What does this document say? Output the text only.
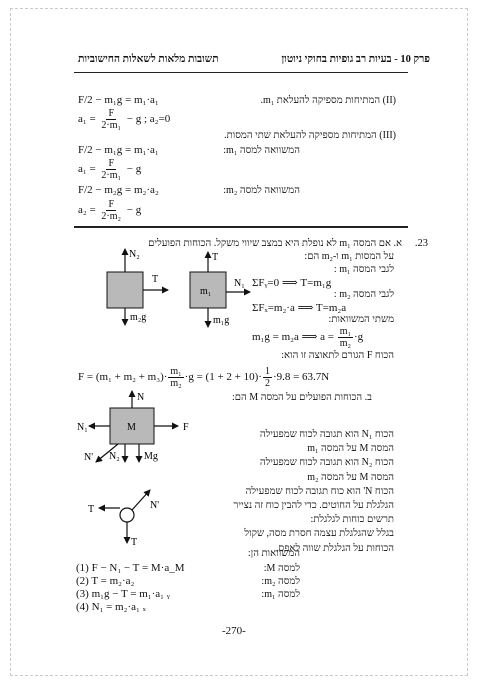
פרק 10 - בעיות רב גופיות בחוקי ניוטון
תשובות מלאות לשאלות החישוביות
(II) המתיחות מספיקה להעלאת m₁.
F/2 − m₁g = m₁·a₁
$a_1 = \frac{F}{\text{2·m₁}} - g$ ; a₂=0
(III) המתיחות מספיקה להעלאת שתי המסות.
המשוואה למסה m₁:
F/2 − m₁g = m₁·a₁
$a_1 = \frac{F}{\text{2·m₁}} - g$
המשוואה למסה m₂:
F/2 − m₂g = m₂·a₂
$a_2 = \frac{F}{\text{2·m₂}} - g$
.23
א. אם המסה m₁ לא נופלת היא במצב שיווי משקל. הכוחות הפועלים
על המסות m₁ ו-m₂ הם:
לגבי המסה m₁ :
ΣFᵧ=0 ⟹ T=m₁g
לגבי המסה m₂ :
ΣFₓ=m₂·a ⟹ T=m₂a
משתי המשוואות:
m₁g = m₂a ⟹ $a = \frac{\text{m₁}}{\text{m₂}} \cdot g$
הכוח F הגורם לתאוצה זו הוא:
$F = (m_1 + m_2 + m_3)\cdot \frac{\text{m₁}}{\text{m₂}} \cdot g = (1 + 2 + 10)\cdot \frac{1}{2} \cdot 9.8 = 63.7N$
ב. הכוחות הפועלים על המסה M הם:
הכוח N₁ הוא תגובה לכוח שמפעילה
המסה M על המסה m₁
הכוח N₂ הוא תגובה לכוח שמפעילה
המסה M על המסה m₂
הכוח N' הוא כוח תגובה לכוח שמפעילה
הגלגלת על החוטים. כדי להבין כוח זה נצייר
תרשים כוחות לגלגלת:
בגלל שהגלגלת עצמה חסרת מסה, שקול
הכוחות על הגלגלת שווה לאפס.
המשוואות הן:
למסה M:
למסה m₂:
למסה m₁:
(1) F − N₁ − T = M·a_M
(2) T = m₂·a₂
(3) m₁g − T = m₁·a₁ ᵧ
(4) N₁ = m₂·a₁ ₓ
-270-
N₂
T
m₂g
m₁
T
N₁
m₁g
M
N
N₁	F
N' N₂ Mg
T	N'
T
